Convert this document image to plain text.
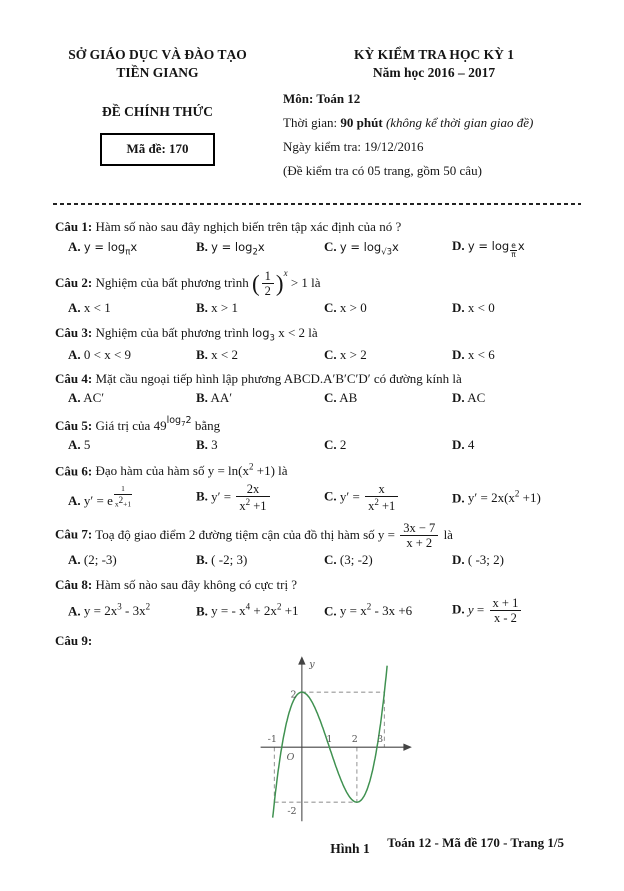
SỞ GIÁO DỤC VÀ ĐÀO TẠO
TIỀN GIANG
ĐỀ CHÍNH THỨC
Mã đề: 170
KỲ KIỂM TRA HỌC KỲ 1
Năm học 2016 – 2017
Môn: Toán 12
Thời gian: 90 phút (không kể thời gian giao đề)
Ngày kiểm tra: 19/12/2016
(Đề kiểm tra có 05 trang, gồm 50 câu)

Câu 1: Hàm số nào sau đây nghịch biến trên tập xác định của nó ?

A. $y = \log_\pi x$	B. $y = \log_2x$	C. $y = \log_{√3}x$	D. y = log $_{\frac{e}{\pi}}$ x

Câu 2: Nghiệm của bất phương trình ( $\frac{1}{2} )^x > 1$ là

A. x < 1	B. x > 1	C. x > 0	D. x < 0

Câu 3: Nghiệm của bất phương trình $\log_3 x < 2$ là

A. 0 < x < 9	B. x < 2	C. x > 2	D. x < 6

Câu 4: Mặt cầu ngoại tiếp hình lập phương ABCD.A′B′C′D′ có đường kính là

A. AC′	B. AA′	C. AB	D. AC

Câu 5: Giá trị của $49^{log_72}$ bằng

A. 5	B. 3	C. 2	D. 4

Câu 6: Đạo hàm của hàm số $y = \ln(x^2 +1)$ là

A. y′ = e $^{\frac{1}{x^2+1}}$	B. $y' = \frac{2x}{x^2 +1}$	C. $y' = \frac{x}{x^2 +1}$	D. $y' = 2x(x^2 +1)$

Câu 7: Toạ độ giao điểm 2 đường tiệm cận của đồ thị hàm số $y = \frac{3x - 7}{x + 2}$ là

A. (2; -3)	B. ( -2; 3)	C. (3; -2)	D. ( -3; 2)

Câu 8: Hàm số nào sau đây không có cực trị ?

A. $y = 2x^3 - 3x^2$	B. y = - $x^4 + 2x^2 +1$	C. $y = x^2 - 3x +6$	D. $y = \frac{x + 1}{x - 2}$

Câu 9:

y
O
-1	1 2 3
2
-2
Hình 1	Toán 12 - Mã đề 170 - Trang 1/5
